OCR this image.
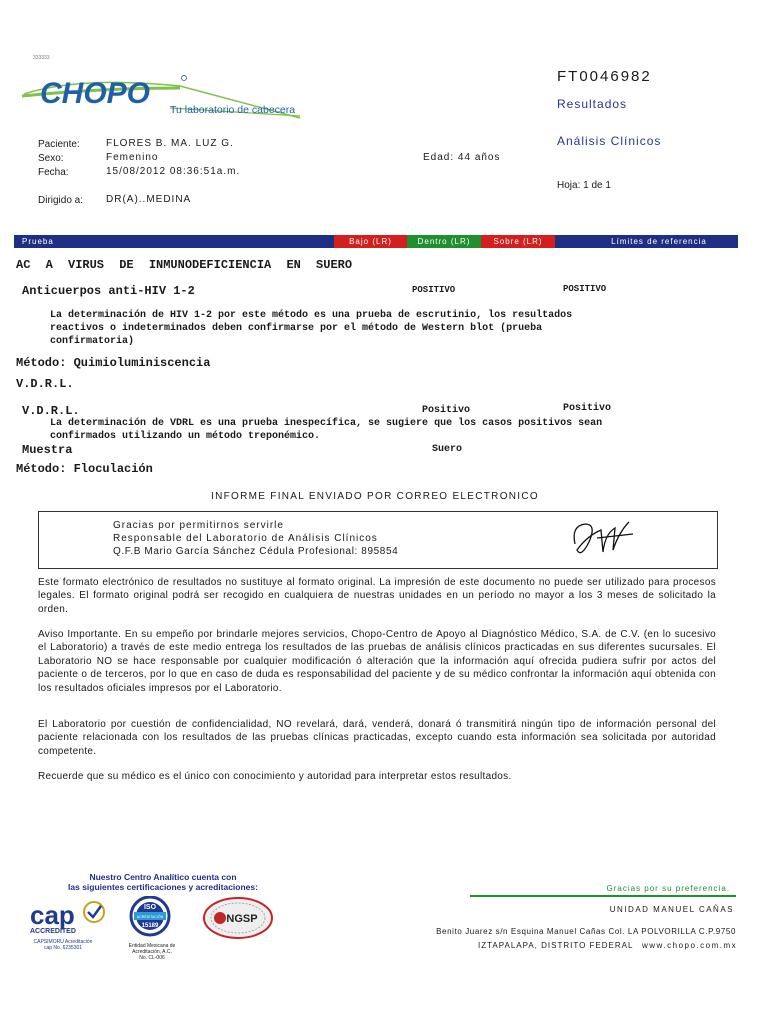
333333
CHOPO Tu laboratorio de cabecera
FT0046982
Resultados
Análisis Clínicos
Hoja: 1 de 1
Paciente:	FLORES B. MA. LUZ G.
Sexo:	Femenino	Edad: 44 años
Fecha:	15/08/2012 08:36:51a.m.
Dirigido a: DR(A)..MEDINA
Prueba	Bajo (LR)	Dentro (LR)	Sobre (LR)	Límites de referencia
AC A VIRUS DE INMUNODEFICIENCIA EN SUERO
Anticuerpos anti-HIV 1-2	POSITIVO	POSITIVO
La determinación de HIV 1-2 por este método es una prueba de escrutinio, los resultados reactivos o indeterminados deben confirmarse por el método de Western blot (prueba confirmatoria)
Método: Quimioluminiscencia
V.D.R.L.
V.D.R.L.	Positivo	Positivo
La determinación de VDRL es una prueba inespecífica, se sugiere que los casos positivos sean confirmados utilizando un método treponémico.
Muestra	Suero
Método: Floculación
INFORME FINAL ENVIADO POR CORREO ELECTRONICO
Gracias por permitirnos servirle
Responsable del Laboratorio de Análisis Clínicos
Q.F.B Mario García Sánchez Cédula Profesional: 895854
Este formato electrónico de resultados no sustituye al formato original. La impresión de este documento no puede ser utilizado para procesos legales. El formato original podrá ser recogido en cualquiera de nuestras unidades en un período no mayor a los 3 meses de solicitado la orden.
Aviso Importante. En su empeño por brindarle mejores servicios, Chopo-Centro de Apoyo al Diagnóstico Médico, S.A. de C.V. (en lo sucesivo el Laboratorio) a través de este medio entrega los resultados de las pruebas de análisis clínicos practicadas en sus diferentes sucursales. El Laboratorio NO se hace responsable por cualquier modificación ó alteración que la información aquí ofrecida pudiera sufrir por actos del paciente o de terceros, por lo que en caso de duda es responsabilidad del paciente y de su médico confrontar la información aquí obtenida con los resultados oficiales impresos por el Laboratorio.
El Laboratorio por cuestión de confidencialidad, NO revelará, dará, venderá, donará ó transmitirá ningún tipo de información personal del paciente relacionada con los resultados de las pruebas clínicas practicadas, excepto cuando esta información sea solicitada por autoridad competente.
Recuerde que su médico es el único con conocimiento y autoridad para interpretar estos resultados.
Nuestro Centro Analítico cuenta con
las siguientes certificaciones y acreditaciones:
cap
ACCREDITED
CAPSIMORU Acreditación
cap No. 6235301
ISO
ACREDITACIÓN
15189
Entidad Mexicana de
Acreditación, A.C.
No. CL-006
NGSP
Gracias por su preferencia.
UNIDAD MANUEL CAÑAS
Benito Juarez s/n Esquina Manuel Cañas Col. LA POLVORILLA C.P.9750
IZTAPALAPA, DISTRITO FEDERAL www.chopo.com.mx
